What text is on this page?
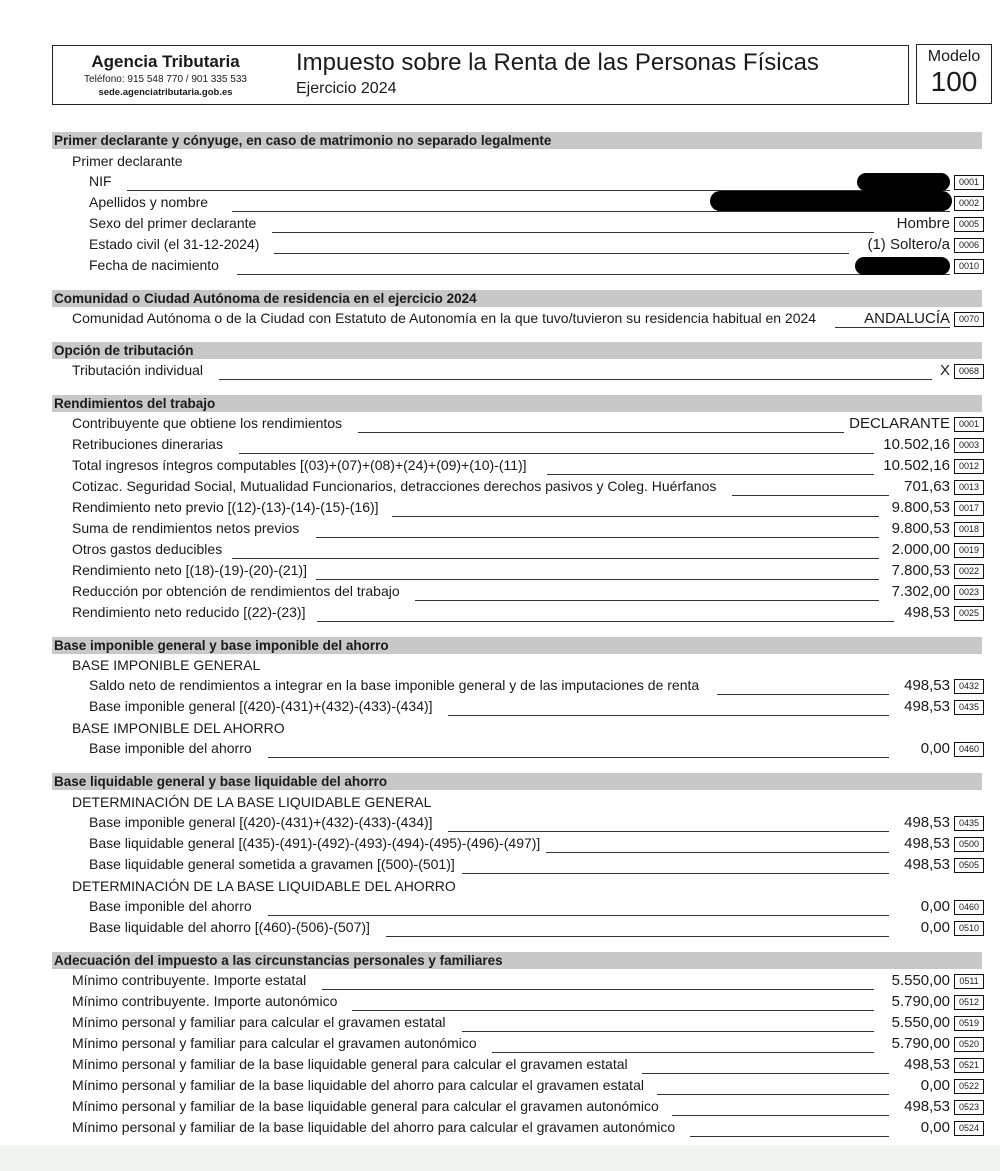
Agencia Tributaria
Teléfono: 915 548 770 / 901 335 533
sede.agenciatributaria.gob.es
Impuesto sobre la Renta de las Personas Físicas
Ejercicio 2024
Modelo
100
Primer declarante y cónyuge, en caso de matrimonio no separado legalmente
Primer declarante
NIF	0001
Apellidos y nombre	0002
Sexo del primer declarante	Hombre 0005
Estado civil (el 31-12-2024)	(1) Soltero/a 0006
Fecha de nacimiento	0010
Comunidad o Ciudad Autónoma de residencia en el ejercicio 2024
Comunidad Autónoma o de la Ciudad con Estatuto de Autonomía en la que tuvo/tuvieron su residencia habitual en 2024	ANDALUCÍA 0070
Opción de tributación
Tributación individual	X 0068
Rendimientos del trabajo
Contribuyente que obtiene los rendimientos	DECLARANTE 0001
Retribuciones dinerarias	10.502,16 0003
Total ingresos íntegros computables [(03)+(07)+(08)+(24)+(09)+(10)-(11)]	10.502,16 0012
Cotizac. Seguridad Social, Mutualidad Funcionarios, detracciones derechos pasivos y Coleg. Huérfanos	701,63 0013
Rendimiento neto previo [(12)-(13)-(14)-(15)-(16)]	9.800,53 0017
Suma de rendimientos netos previos	9.800,53 0018
Otros gastos deducibles	2.000,00 0019
Rendimiento neto [(18)-(19)-(20)-(21)]	7.800,53 0022
Reducción por obtención de rendimientos del trabajo	7.302,00 0023
Rendimiento neto reducido [(22)-(23)]	498,53 0025
Base imponible general y base imponible del ahorro
BASE IMPONIBLE GENERAL
Saldo neto de rendimientos a integrar en la base imponible general y de las imputaciones de renta	498,53 0432
Base imponible general [(420)-(431)+(432)-(433)-(434)]	498,53 0435
BASE IMPONIBLE DEL AHORRO
Base imponible del ahorro	0,00 0460
Base liquidable general y base liquidable del ahorro
DETERMINACIÓN DE LA BASE LIQUIDABLE GENERAL
Base imponible general [(420)-(431)+(432)-(433)-(434)]	498,53 0435
Base liquidable general [(435)-(491)-(492)-(493)-(494)-(495)-(496)-(497)]	498,53 0500
Base liquidable general sometida a gravamen [(500)-(501)]	498,53 0505
DETERMINACIÓN DE LA BASE LIQUIDABLE DEL AHORRO
Base imponible del ahorro	0,00 0460
Base liquidable del ahorro [(460)-(506)-(507)]	0,00 0510
Adecuación del impuesto a las circunstancias personales y familiares
Mínimo contribuyente. Importe estatal	5.550,00	0511
Mínimo contribuyente. Importe autonómico	5.790,00 0512
Mínimo personal y familiar para calcular el gravamen estatal	5.550,00 0519
Mínimo personal y familiar para calcular el gravamen autonómico	5.790,00 0520
Mínimo personal y familiar de la base liquidable general para calcular el gravamen estatal	498,53 0521
Mínimo personal y familiar de la base liquidable del ahorro para calcular el gravamen estatal	0,00 0522
Mínimo personal y familiar de la base liquidable general para calcular el gravamen autonómico	498,53 0523
Mínimo personal y familiar de la base liquidable del ahorro para calcular el gravamen autonómico	0,00 0524
